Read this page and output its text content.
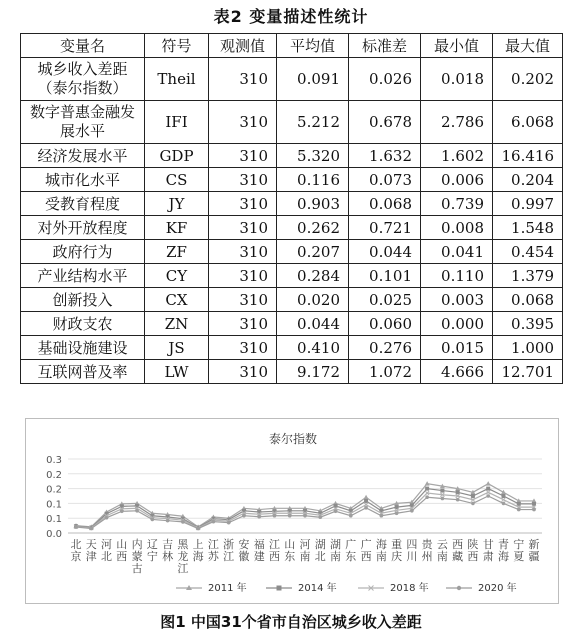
表2 变量描述性统计
变量名	符号	观测值	平均值	标准差	最小值	最大值
城乡收入差距（泰尔指数）	Theil	310	0.091	0.026	0.018	0.202
数字普惠金融发展水平	IFI	310	5.212	0.678	2.786	6.068
经济发展水平	GDP	310	5.320	1.632	1.602	16.416
城市化水平	CS	310	0.116	0.073	0.006	0.204
受教育程度	JY	310	0.903	0.068	0.739	0.997
对外开放程度	KF	310	0.262	0.721	0.008	1.548
政府行为	ZF	310	0.207	0.044	0.041	0.454
产业结构水平	CY	310	0.284	0.101	0.110	1.379
创新投入	CX	310	0.020	0.025	0.003	0.068
财政支农	ZN	310	0.044	0.060	0.000	0.395
基础设施建设	JS	310	0.410	0.276	0.015	1.000
互联网普及率	LW	310	9.172	1.072	4.666	12.701
泰尔指数
0.0
0.1
0.1
0.2
0.2
0.3
北京
天津
河北
山西
内蒙古
辽宁
吉林
黑龙江
上海
江苏
浙江
安徽
福建
江西
山东
河南
湖北
湖南
广东
广西
海南
重庆
四川
贵州
云南
西藏
陕西
甘肃
青海
宁夏
新疆
2011 年	2014 年	2018 年	2020 年
图1 中国31个省市自治区城乡收入差距
